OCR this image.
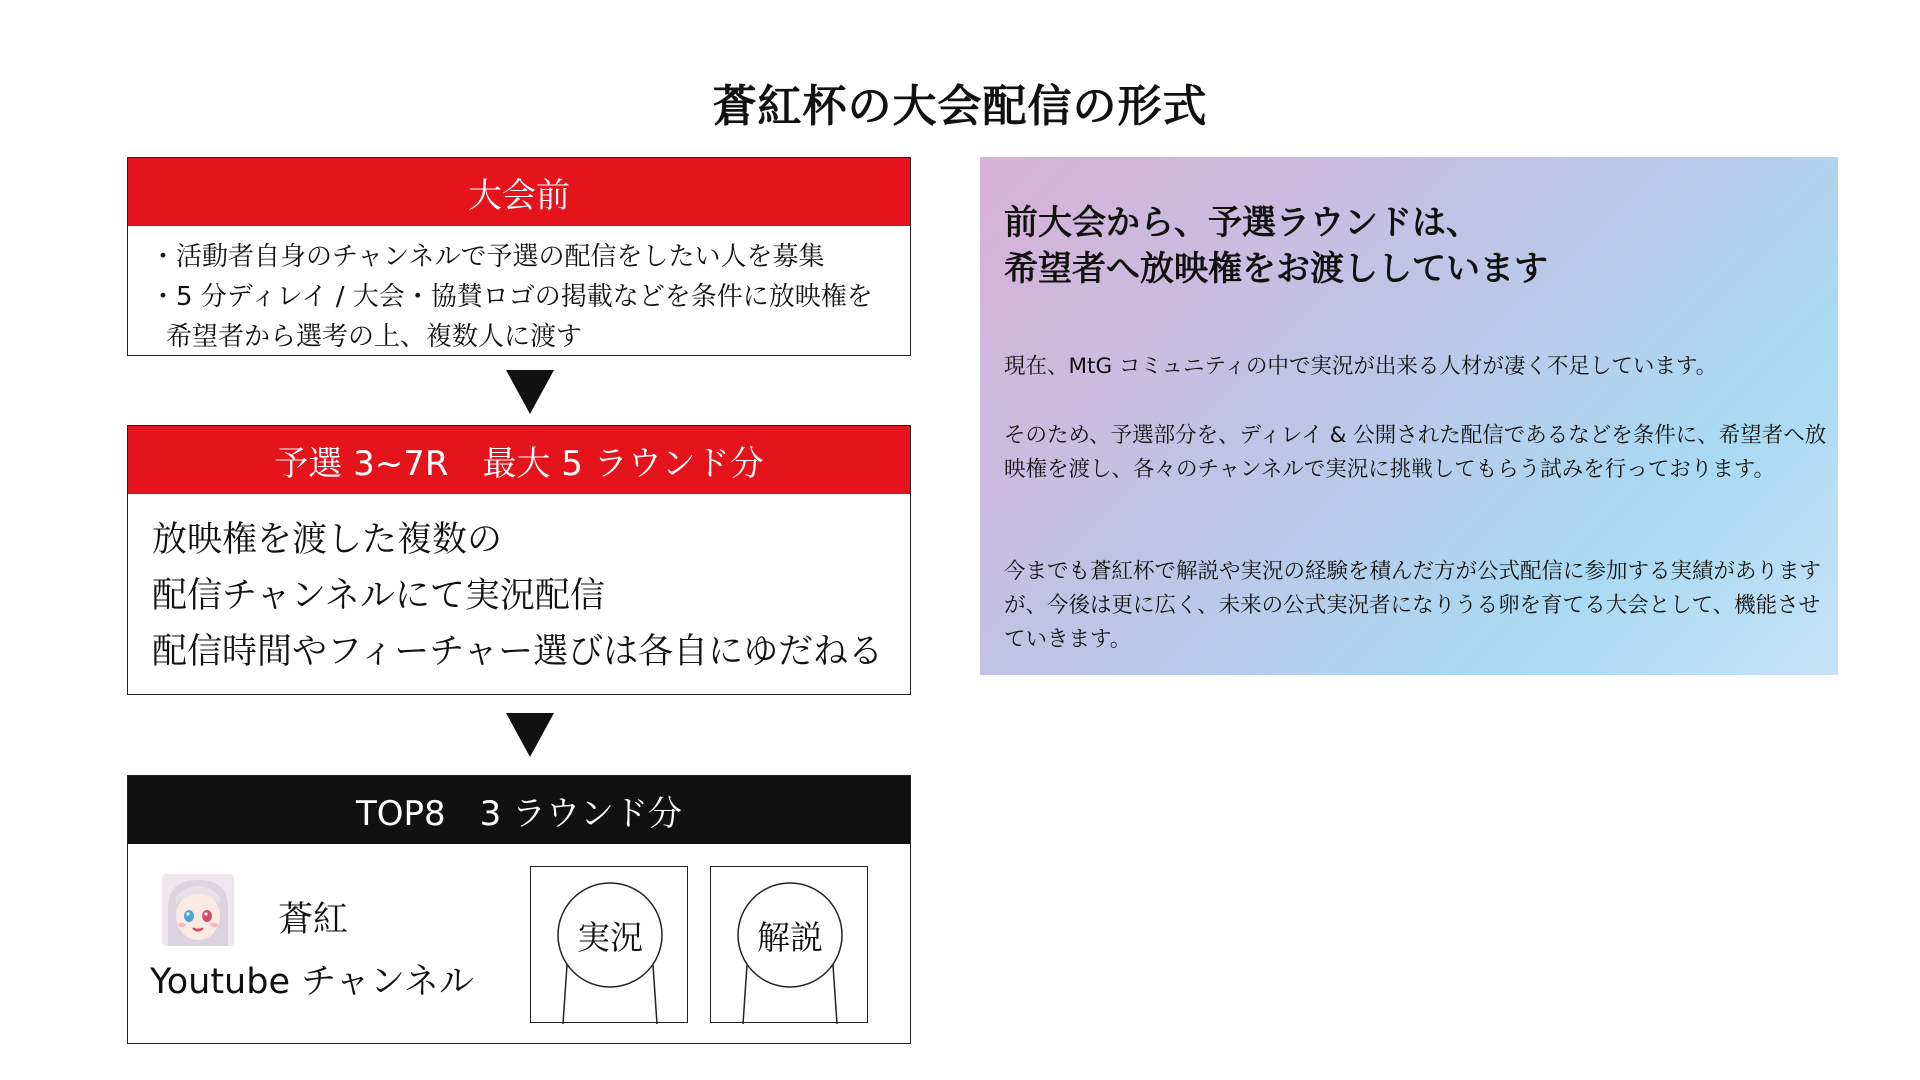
蒼紅杯の大会配信の形式
大会前
・活動者自身のチャンネルで予選の配信をしたい人を募集
・5 分ディレイ / 大会・協賛ロゴの掲載などを条件に放映権を
希望者から選考の上、複数人に渡す
予選 3~7R　最大 5 ラウンド分
放映権を渡した複数の
配信チャンネルにて実況配信
配信時間やフィーチャー選びは各自にゆだねる
TOP8　3 ラウンド分
蒼紅
Youtube チャンネル
実況	解説
前大会から、予選ラウンドは、
希望者へ放映権をお渡ししています
現在、MtG コミュニティの中で実況が出来る人材が凄く不足しています。
そのため、予選部分を、ディレイ & 公開された配信であるなどを条件に、希望者へ放映権を渡し、各々のチャンネルで実況に挑戦してもらう試みを行っております。
今までも蒼紅杯で解説や実況の経験を積んだ方が公式配信に参加する実績がありますが、今後は更に広く、未来の公式実況者になりうる卵を育てる大会として、機能させていきます。
